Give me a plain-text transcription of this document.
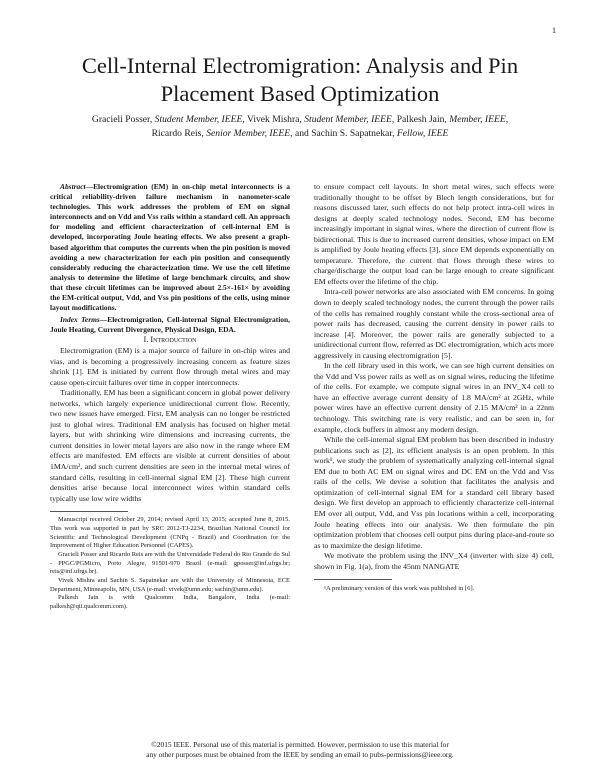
1
Cell-Internal Electromigration: Analysis and Pin
Placement Based Optimization
Gracieli Posser, Student Member, IEEE, Vivek Mishra, Student Member, IEEE, Palkesh Jain, Member, IEEE,
Ricardo Reis, Senior Member, IEEE, and Sachin S. Sapatnekar, Fellow, IEEE

Abstract—Electromigration (EM) in on-chip metal interconnects is a critical reliability-driven failure mechanism in nanometer-scale technologies. This work addresses the problem of EM on signal interconnects and on Vdd and Vss rails within a standard cell. An approach for modeling and efficient characterization of cell-internal EM is developed, incorporating Joule heating effects. We also present a graph-based algorithm that computes the currents when the pin position is moved avoiding a new characterization for each pin position and consequently considerably reducing the characterization time. We use the cell lifetime analysis to determine the lifetime of large benchmark circuits, and show that these circuit lifetimes can be improved about 2.5×-161× by avoiding the EM-critical output, Vdd, and Vss pin positions of the cells, using minor layout modifications.

Index Terms—Electromigration, Cell-internal Signal Electromigration, Joule Heating, Current Divergence, Physical Design, EDA.

I. Introduction

Electromigration (EM) is a major source of failure in on-chip wires and vias, and is becoming a progressively increasing concern as feature sizes shrink [1]. EM is initiated by current flow through metal wires and may cause open-circuit failures over time in copper interconnects.

Traditionally, EM has been a significant concern in global power delivery networks, which largely experience unidirectional current flow. Recently, two new issues have emerged. First, EM analysis can no longer be restricted just to global wires. Traditional EM analysis has focused on higher metal layers, but with shrinking wire dimensions and increasing currents, the current densities in lower metal layers are also now in the range where EM effects are manifested. EM effects are visible at current densities of about 1MA/cm², and such current densities are seen in the internal metal wires of standard cells, resulting in cell-internal signal EM [2]. These high current densities arise because local interconnect wires within standard cells typically use low wire widths

Manuscript received October 29, 2014; revised April 13, 2015; accepted June 8, 2015. This work was supported in part by SRC 2012-TJ-2234, Brazilian National Council for Scientific and Technological Development (CNPq - Brazil) and Coordination for the Improvement of Higher Education Personnel (CAPES).

Gracieli Posser and Ricardo Reis are with the Universidade Federal do Rio Grande do Sul - PPGC/PGMicro, Porto Alegre, 91501-970 Brazil (e-mail: gposser@inf.ufrgs.br; reis@inf.ufrgs.br).

Vivek Mishra and Sachin S. Sapatnekar are with the University of Minnesota, ECE Department, Minneapolis, MN, USA (e-mail: vivek@umn.edu; sachin@umn.edu).

Palkesh Jain is with Qualcomm India, Bangalore, India (e-mail: palkesh@qti.qualcomm.com).

to ensure compact cell layouts. In short metal wires, such effects were traditionally thought to be offset by Blech length considerations, but for reasons discussed later, such effects do not help protect intra-cell wires in designs at deeply scaled technology nodes. Second, EM has become increasingly important in signal wires, where the direction of current flow is bidirectional. This is due to increased current densities, whose impact on EM is amplified by Joule heating effects [3], since EM depends exponentially on temperature. Therefore, the current that flows through these wires to charge/discharge the output load can be large enough to create significant EM effects over the lifetime of the chip.

Intra-cell power networks are also associated with EM concerns. In going down to deeply scaled technology nodes, the current through the power rails of the cells has remained roughly constant while the cross-sectional area of power rails has decreased, causing the current density in power rails to increase [4]. Moreover, the power rails are generally subjected to a unidirectional current flow, referred as DC electromigration, which acts more aggressively in causing electromigration [5].

In the cell library used in this work, we can see high current densities on the Vdd and Vss power rails as well as on signal wires, reducing the lifetime of the cells. For example, we compute signal wires in an INV_X4 cell to have an effective average current density of 1.8 MA/cm² at 2GHz, while power wires have an effective current density of 2.15 MA/cm² in a 22nm technology. This switching rate is very realistic, and can be seen in, for example, clock buffers in almost any modern design.

While the cell-internal signal EM problem has been described in industry publications such as [2], its efficient analysis is an open problem. In this work¹, we study the problem of systematically analyzing cell-internal signal EM due to both AC EM on signal wires and DC EM on the Vdd and Vss rails of the cells. We devise a solution that facilitates the analysis and optimization of cell-internal signal EM for a standard cell library based design. We first develop an approach to efficiently characterize cell-internal EM over all output, Vdd, and Vss pin locations within a cell, incorporating Joule heating effects into our analysis. We then formulate the pin optimization problem that chooses cell output pins during place-and-route so as to maximize the design lifetime.

We motivate the problem using the INV_X4 (inverter with size 4) cell, shown in Fig. 1(a), from the 45nm NANGATE

¹A preliminary version of this work was published in [6].

©2015 IEEE. Personal use of this material is permitted. However, permission to use this material for
any other purposes must be obtained from the IEEE by sending an email to pubs-permissions@ieee.org.
